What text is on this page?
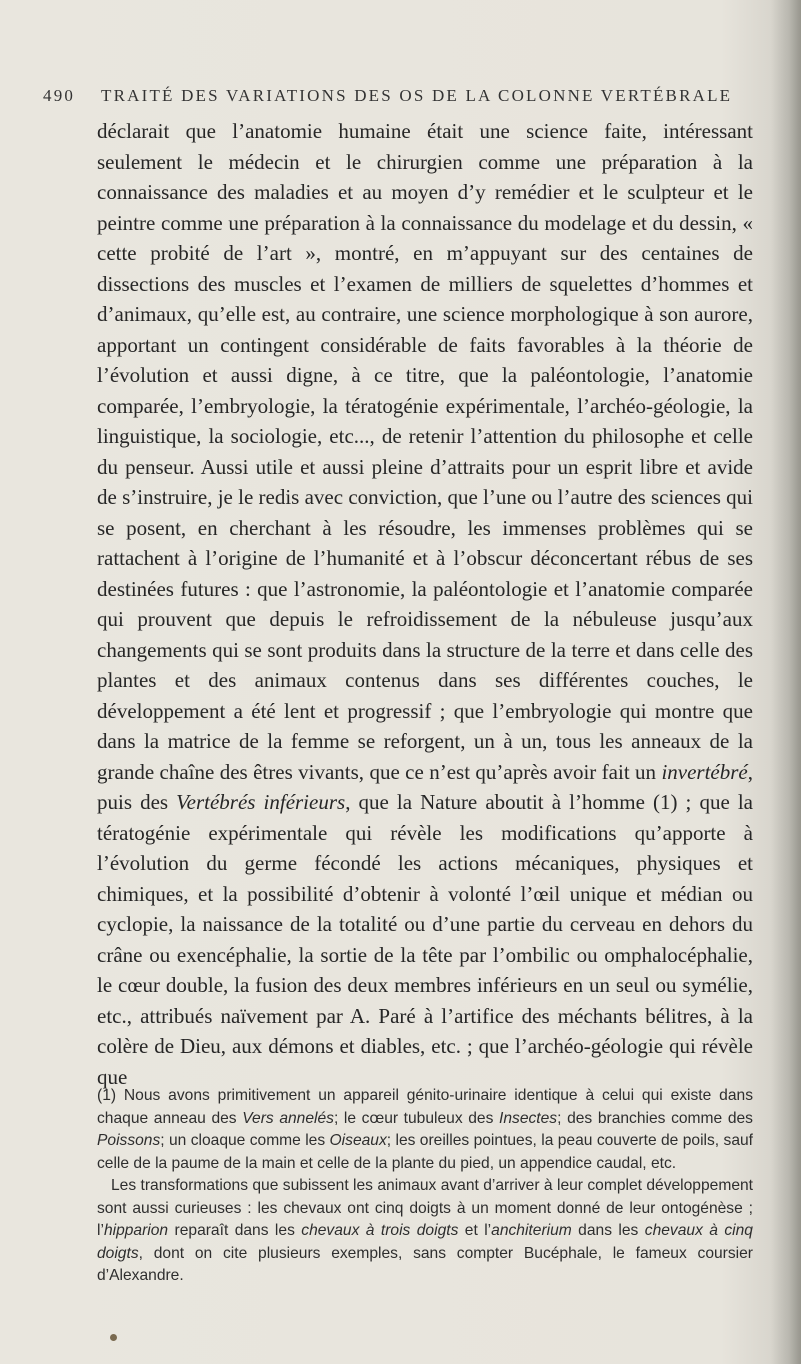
490 TRAITÉ DES VARIATIONS DES OS DE LA COLONNE VERTÉBRALE

déclarait que l’anatomie humaine était une science faite, intéressant seulement le médecin et le chirurgien comme une préparation à la connaissance des maladies et au moyen d’y remédier et le sculpteur et le peintre comme une préparation à la connaissance du modelage et du dessin, « cette probité de l’art », montré, en m’appuyant sur des centaines de dissections des muscles et l’examen de milliers de squelettes d’hommes et d’animaux, qu’elle est, au contraire, une science morphologique à son aurore, apportant un contingent considérable de faits favorables à la théorie de l’évolution et aussi digne, à ce titre, que la paléontologie, l’anatomie comparée, l’embryologie, la tératogénie expérimentale, l’archéo-géologie, la linguistique, la sociologie, etc..., de retenir l’attention du philosophe et celle du penseur. Aussi utile et aussi pleine d’attraits pour un esprit libre et avide de s’instruire, je le redis avec conviction, que l’une ou l’autre des sciences qui se posent, en cherchant à les résoudre, les immenses problèmes qui se rattachent à l’origine de l’humanité et à l’obscur déconcertant rébus de ses destinées futures : que l’astronomie, la paléontologie et l’anatomie comparée qui prouvent que depuis le refroidissement de la nébuleuse jusqu’aux changements qui se sont produits dans la structure de la terre et dans celle des plantes et des animaux contenus dans ses différentes couches, le développement a été lent et progressif ; que l’embryologie qui montre que dans la matrice de la femme se reforgent, un à un, tous les anneaux de la grande chaîne des êtres vivants, que ce n’est qu’après avoir fait un invertébré, puis des Vertébrés inférieurs, que la Nature aboutit à l’homme (1) ; que la tératogénie expérimentale qui révèle les modifications qu’apporte à l’évolution du germe fécondé les actions mécaniques, physiques et chimiques, et la possibilité d’obtenir à volonté l’œil unique et médian ou cyclopie, la naissance de la totalité ou d’une partie du cerveau en dehors du crâne ou exencéphalie, la sortie de la tête par l’ombilic ou omphalocéphalie, le cœur double, la fusion des deux membres inférieurs en un seul ou symélie, etc., attribués naïvement par A. Paré à l’artifice des méchants bélitres, à la colère de Dieu, aux démons et diables, etc. ; que l’archéo-géologie qui révèle que

(1) Nous avons primitivement un appareil génito-urinaire identique à celui qui existe dans chaque anneau des Vers annelés; le cœur tubuleux des Insectes; des branchies comme des Poissons; un cloaque comme les Oiseaux; les oreilles pointues, la peau couverte de poils, sauf celle de la paume de la main et celle de la plante du pied, un appendice caudal, etc.

Les transformations que subissent les animaux avant d’arriver à leur complet développement sont aussi curieuses : les chevaux ont cinq doigts à un moment donné de leur ontogénèse ; l’hipparion reparaît dans les chevaux à trois doigts et l’anchiterium dans les chevaux à cinq doigts, dont on cite plusieurs exemples, sans compter Bucéphale, le fameux coursier d’Alexandre.
